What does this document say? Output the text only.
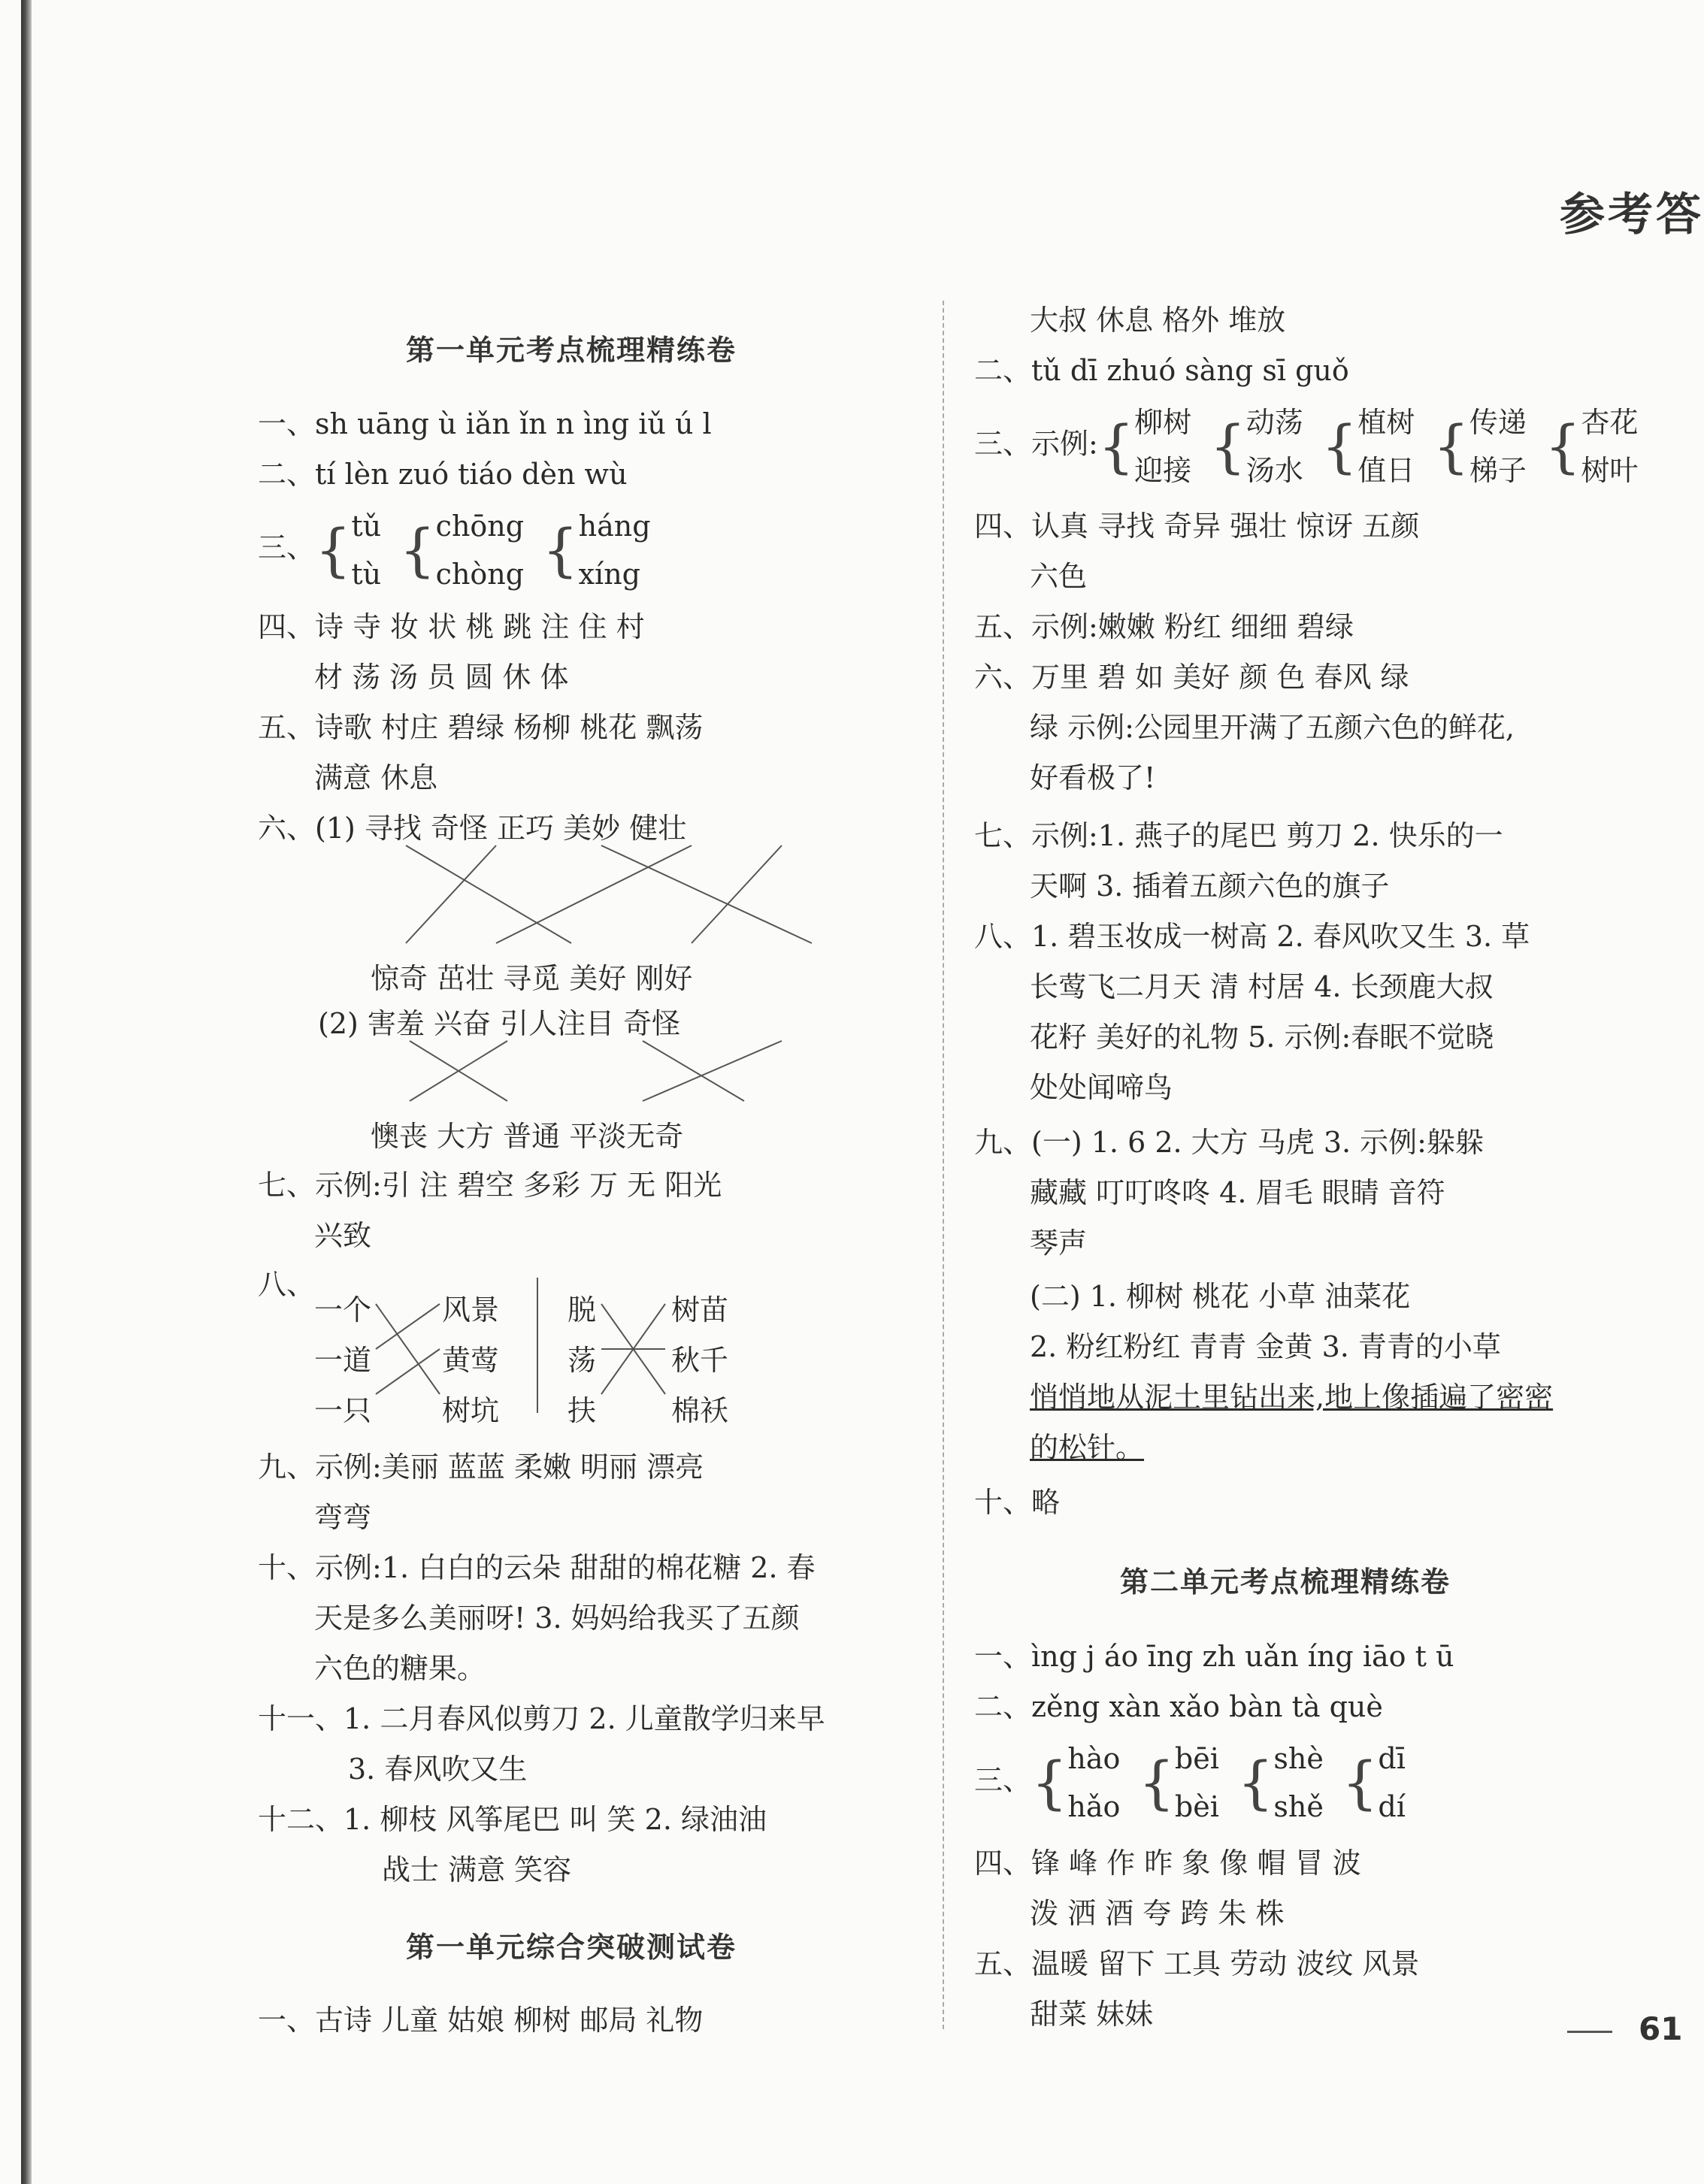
参考答
第一单元考点梳理精练卷
一、sh uāng ù iǎn ǐn n ìng iǔ ú l
二、tí lèn zuó tiáo dèn wù
三、{tǔ
tù {chōng
chòng {háng
xíng
四、诗 寺 妆 状 桃 跳 注 住 村
材 荡 汤 员 圆 休 体
五、诗歌 村庄 碧绿 杨柳 桃花 飘荡
满意 休息
六、(1) 寻找 奇怪 正巧 美妙 健壮
惊奇 茁壮 寻觅 美好 刚好
(2) 害羞 兴奋 引人注目 奇怪
懊丧 大方 普通 平淡无奇
七、示例:引 注 碧空 多彩 万 无 阳光
兴致
八、
一个
一道
一只
风景
黄莺
树坑
脱
荡
扶
树苗
秋千
棉袄
九、示例:美丽 蓝蓝 柔嫩 明丽 漂亮
弯弯
十、示例:1. 白白的云朵 甜甜的棉花糖 2. 春
天是多么美丽呀! 3. 妈妈给我买了五颜
六色的糖果。
十一、1. 二月春风似剪刀 2. 儿童散学归来早
3. 春风吹又生
十二、1. 柳枝 风筝尾巴 叫 笑 2. 绿油油
战士 满意 笑容
第一单元综合突破测试卷
一、古诗 儿童 姑娘 柳树 邮局 礼物
大叔 休息 格外 堆放
二、tǔ dī zhuó sàng sī guǒ
三、示例:{柳树
迎接 {动荡
汤水 {植树
值日 {传递
梯子 {杏花
树叶
四、认真 寻找 奇异 强壮 惊讶 五颜
六色
五、示例:嫩嫩 粉红 细细 碧绿
六、万里 碧 如 美好 颜 色 春风 绿
绿 示例:公园里开满了五颜六色的鲜花,
好看极了!
七、示例:1. 燕子的尾巴 剪刀 2. 快乐的一
天啊 3. 插着五颜六色的旗子
八、1. 碧玉妆成一树高 2. 春风吹又生 3. 草
长莺飞二月天 清 村居 4. 长颈鹿大叔
花籽 美好的礼物 5. 示例:春眠不觉晓
处处闻啼鸟
九、(一) 1. 6 2. 大方 马虎 3. 示例:躲躲
藏藏 叮叮咚咚 4. 眉毛 眼睛 音符
琴声
(二) 1. 柳树 桃花 小草 油菜花
2. 粉红粉红 青青 金黄 3. 青青的小草
悄悄地从泥土里钻出来,地上像插遍了密密
的松针。
十、略
第二单元考点梳理精练卷
一、ìng j áo īng zh uǎn íng iāo t ū
二、zěng xàn xǎo bàn tà què
三、{hào
hǎo {bēi
bèi {shè
shě {dī
dí
四、锋 峰 作 昨 象 像 帽 冒 波
泼 洒 酒 夸 跨 朱 株
五、温暖 留下 工具 劳动 波纹 风景
甜菜 妹妹	61
